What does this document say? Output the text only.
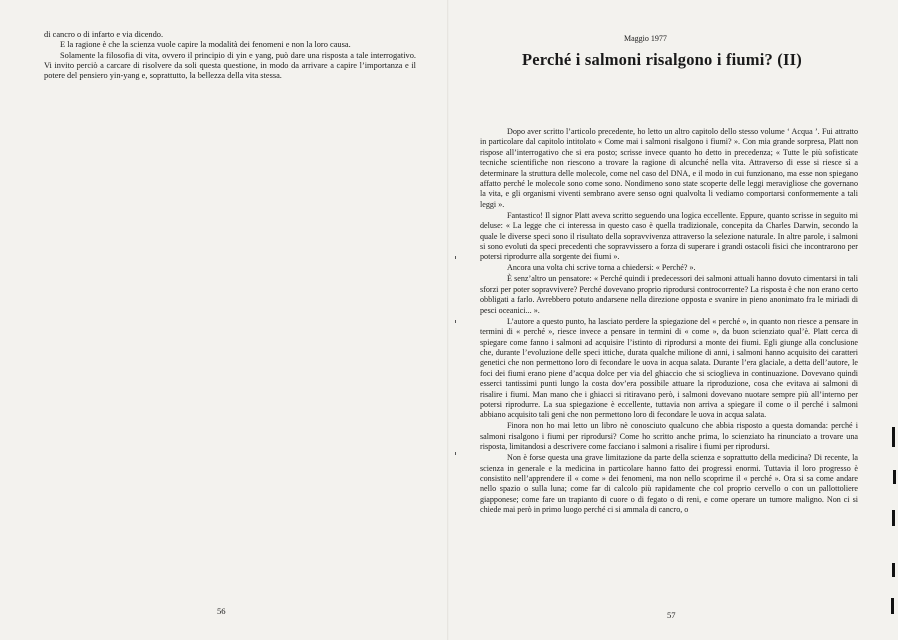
di cancro o di infarto e via dicendo.

E la ragione è che la scienza vuole capire la modalità dei fenomeni e non la loro causa.

Solamente la filosofia di vita, ovvero il principio di yin e yang, può dare una risposta a tale interrogativo. Vi invito perciò a carcare di risolvere da soli questa questione, in modo da arrivare a capire l’importanza e il potere del pensiero yin-yang e, soprattutto, la bellezza della vita stessa.

56
Maggio 1977
Perché i salmoni risalgono i fiumi? (II)

Dopo aver scritto l’articolo precedente, ho letto un altro capitolo dello stesso volume ‘ Acqua ’. Fui attratto in particolare dal capitolo intitolato « Come mai i salmoni risalgono i fiumi? ». Con mia grande sorpresa, Platt non rispose all’interrogativo che si era posto; scrisse invece quanto ho detto in precedenza; « Tutte le più sofisticate tecniche scientifiche non riescono a trovare la ragione di alcunché nella vita. Attraverso di esse si riesce sì a determinare la struttura delle molecole, come nel caso del DNA, e il modo in cui funzionano, ma esse non spiegano affatto perché le molecole sono come sono. Nondimeno sono state scoperte delle leggi meravigliose che governano la vita, e gli organismi viventi sembrano avere senso ogni qualvolta li vediamo comportarsi conformemente a tali leggi ».

Fantastico! Il signor Platt aveva scritto seguendo una logica eccellente. Eppure, quanto scrisse in seguito mi deluse: « La legge che ci interessa in questo caso è quella tradizionale, concepita da Charles Darwin, secondo la quale le diverse speci sono il risultato della sopravvivenza attraverso la selezione naturale. In altre parole, i salmoni si sono evoluti da speci precedenti che sopravvissero a forza di superare i grandi ostacoli fisici che incontrarono per potersi riprodurre alla sorgente dei fiumi ».

Ancora una volta chi scrive torna a chiedersi: « Perché? ».

È senz’altro un pensatore: « Perché quindi i predecessori dei salmoni attuali hanno dovuto cimentarsi in tali sforzi per poter sopravvivere? Perché dovevano proprio riprodursi controcorrente? La risposta è che non erano certo obbligati a farlo. Avrebbero potuto andarsene nella direzione opposta e svanire in pieno anonimato fra le miriadi di pesci oceanici... ».

L’autore a questo punto, ha lasciato perdere la spiegazione del « perché », in quanto non riesce a pensare in termini di « perché », riesce invece a pensare in termini di « come », da buon scienziato qual’è. Platt cerca di spiegare come fanno i salmoni ad acquisire l’istinto di riprodursi a monte dei fiumi. Egli giunge alla conclusione che, durante l’evoluzione delle speci ittiche, durata qualche milione di anni, i salmoni hanno acquisito dei caratteri genetici che non permettono loro di fecondare le uova in acqua salata. Durante l’era glaciale, a detta dell’autore, le foci dei fiumi erano piene d’acqua dolce per via del ghiaccio che si scioglieva in continuazione. Dovevano quindi esserci tantissimi punti lungo la costa dov’era possibile attuare la riproduzione, cosa che evitava ai salmoni di risalire i fiumi. Man mano che i ghiacci si ritiravano però, i salmoni dovevano nuotare sempre più all’interno per potersi riprodurre. La sua spiegazione è eccellente, tuttavia non arriva a spiegare il come o il perché i salmoni abbiano acquisito tali geni che non permettono loro di fecondare le uova in acqua salata.

Finora non ho mai letto un libro nè conosciuto qualcuno che abbia risposto a questa domanda: perché i salmoni risalgono i fiumi per riprodursi? Come ho scritto anche prima, lo scienziato ha rinunciato a trovare una risposta, limitandosi a descrivere come facciano i salmoni a risalire i fiumi per riprodursi.

Non è forse questa una grave limitazione da parte della scienza e soprattutto della medicina? Di recente, la scienza in generale e la medicina in particolare hanno fatto dei progressi enormi. Tuttavia il loro progresso è consistito nell’apprendere il « come » dei fenomeni, ma non nello scoprirne il « perché ». Ora si sa come andare nello spazio o sulla luna; come far di calcolo più rapidamente che col proprio cervello o con un pallottoliere giapponese; come fare un trapianto di cuore o di fegato o di reni, e come operare un tumore maligno. Non ci si chiede mai però in primo luogo perché ci si ammala di cancro, o

57
